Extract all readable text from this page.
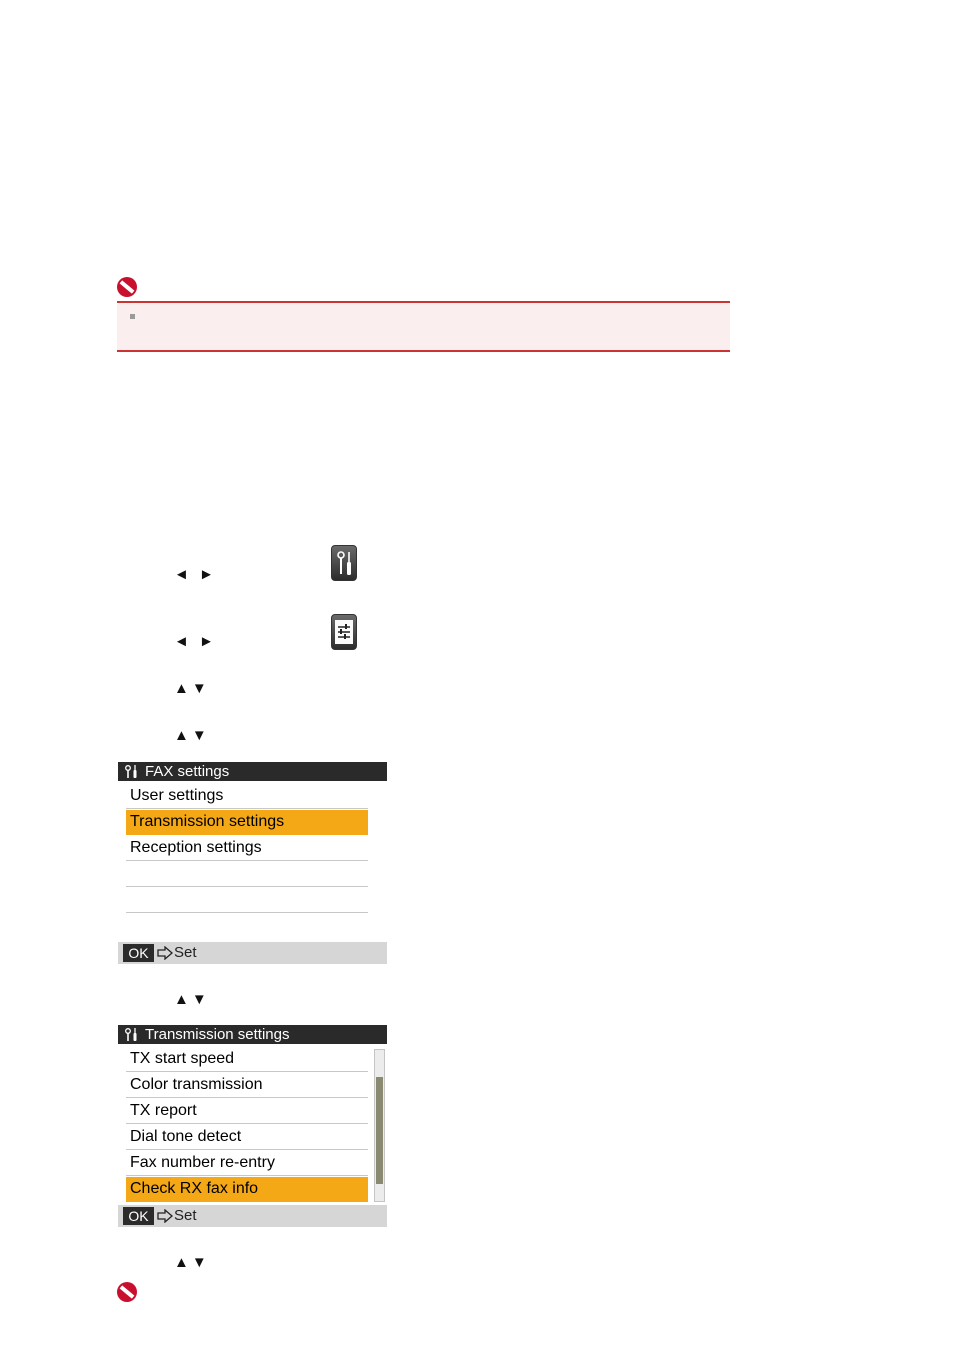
◄ ►
◄ ►
▲▼
▲▼
FAX settings
User settings
Transmission settings
Reception settings
OK	Set
▲▼
Transmission settings
TX start speed
Color transmission
TX report
Dial tone detect
Fax number re-entry
Check RX fax info
OK	Set
▲▼
